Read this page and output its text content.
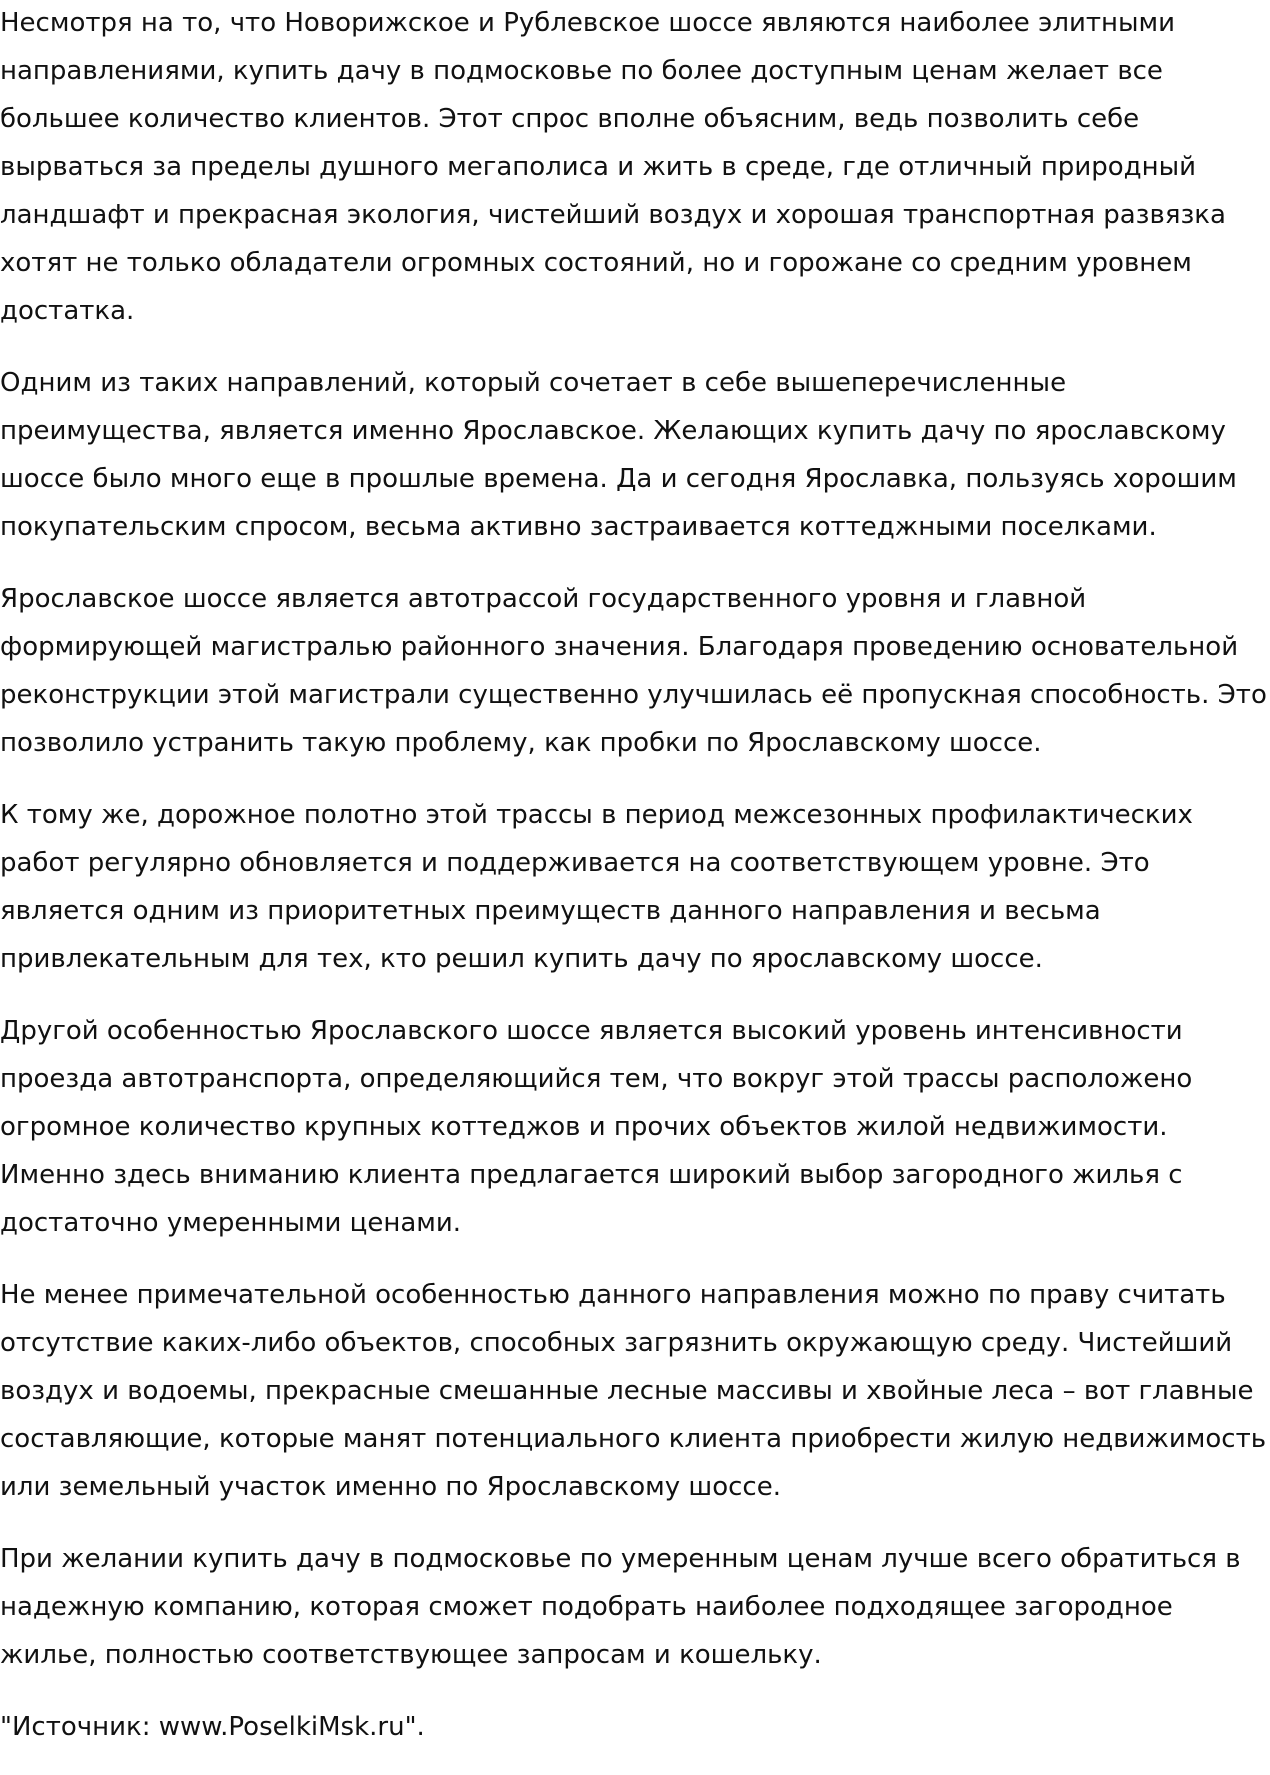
Несмотря на то, что Новорижское и Рублевское шоссе являются наиболее элитными
направлениями, купить дачу в подмосковье по более доступным ценам желает все
большее количество клиентов. Этот спрос вполне объясним, ведь позволить себе
вырваться за пределы душного мегаполиса и жить в среде, где отличный природный
ландшафт и прекрасная экология, чистейший воздух и хорошая транспортная развязка
хотят не только обладатели огромных состояний, но и горожане со средним уровнем
достатка.

Одним из таких направлений, который сочетает в себе вышеперечисленные
преимущества, является именно Ярославское. Желающих купить дачу по ярославскому
шоссе было много еще в прошлые времена. Да и сегодня Ярославка, пользуясь хорошим
покупательским спросом, весьма активно застраивается коттеджными поселками.

Ярославское шоссе является автотрассой государственного уровня и главной
формирующей магистралью районного значения. Благодаря проведению основательной
реконструкции этой магистрали существенно улучшилась её пропускная способность. Это
позволило устранить такую проблему, как пробки по Ярославскому шоссе.

К тому же, дорожное полотно этой трассы в период межсезонных профилактических
работ регулярно обновляется и поддерживается на соответствующем уровне. Это
является одним из приоритетных преимуществ данного направления и весьма
привлекательным для тех, кто решил купить дачу по ярославскому шоссе.

Другой особенностью Ярославского шоссе является высокий уровень интенсивности
проезда автотранспорта, определяющийся тем, что вокруг этой трассы расположено
огромное количество крупных коттеджов и прочих объектов жилой недвижимости.
Именно здесь вниманию клиента предлагается широкий выбор загородного жилья с
достаточно умеренными ценами.

Не менее примечательной особенностью данного направления можно по праву считать
отсутствие каких-либо объектов, способных загрязнить окружающую среду. Чистейший
воздух и водоемы, прекрасные смешанные лесные массивы и хвойные леса – вот главные
составляющие, которые манят потенциального клиента приобрести жилую недвижимость
или земельный участок именно по Ярославскому шоссе.

При желании купить дачу в подмосковье по умеренным ценам лучше всего обратиться в
надежную компанию, которая сможет подобрать наиболее подходящее загородное
жилье, полностью соответствующее запросам и кошельку.

"Источник: www.PoselkiMsk.ru".
